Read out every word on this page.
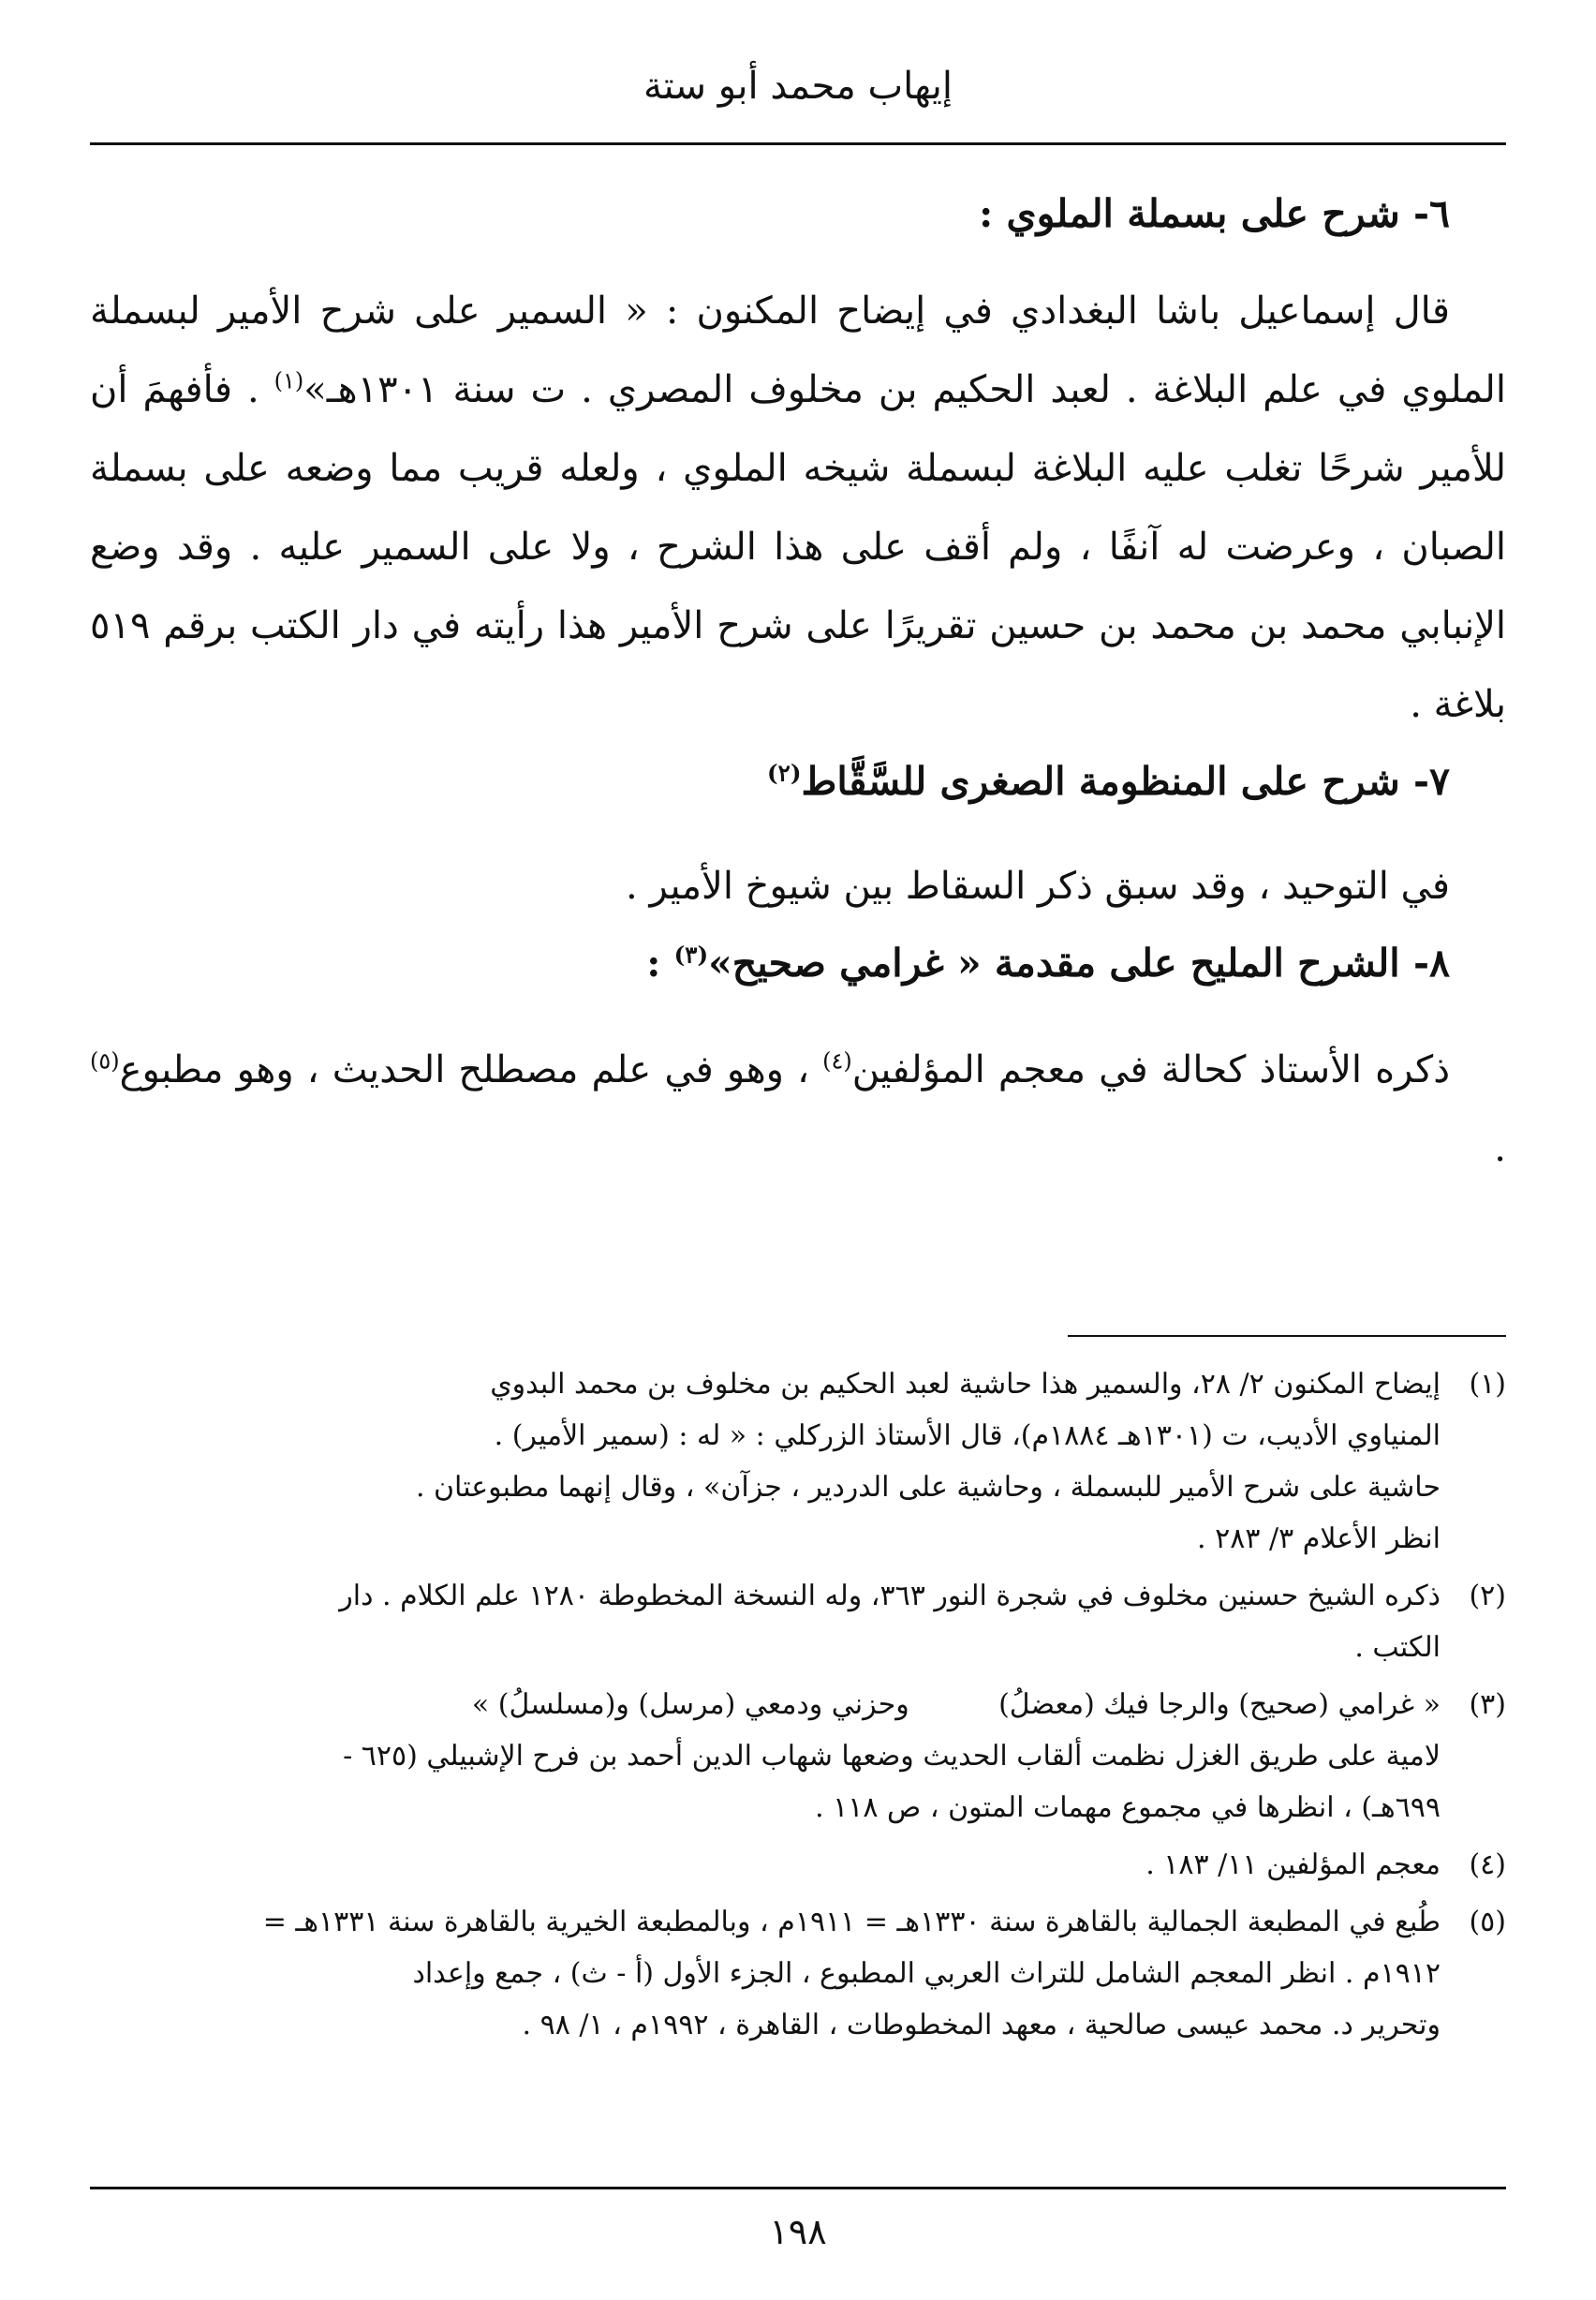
إيهاب محمد أبو ستة

٦- شرح على بسملة الملوي :

قال إسماعيل باشا البغدادي في إيضاح المكنون : « السمير على شرح الأمير لبسملة الملوي في علم البلاغة . لعبد الحكيم بن مخلوف المصري . ت سنة ١٣٠١هـ»$^{(١)}$ . فأفهمَ أن للأمير شرحًا تغلب عليه البلاغة لبسملة شيخه الملوي ، ولعله قريب مما وضعه على بسملة الصبان ، وعرضت له آنفًا ، ولم أقف على هذا الشرح ، ولا على السمير عليه . وقد وضع الإنبابي محمد بن محمد بن حسين تقريرًا على شرح الأمير هذا رأيته في دار الكتب برقم ٥١٩ بلاغة .

٧- شرح على المنظومة الصغرى للسَّقَّاط$^{(٢)}$

في التوحيد ، وقد سبق ذكر السقاط بين شيوخ الأمير .

٨- الشرح المليح على مقدمة « غرامي صحيح»$^{(٣)}$ :

ذكره الأستاذ كحالة في معجم المؤلفين$^{(٤)}$ ، وهو في علم مصطلح الحديث ، وهو مطبوع$^{(٥)}$ .

(١)
إيضاح المكنون ٢/ ٢٨، والسمير هذا حاشية لعبد الحكيم بن مخلوف بن محمد البدوي
المنياوي الأديب، ت (١٣٠١هـ ١٨٨٤م)، قال الأستاذ الزركلي : « له : (سمير الأمير) .
حاشية على شرح الأمير للبسملة ، وحاشية على الدردير ، جزآن» ، وقال إنهما مطبوعتان .
انظر الأعلام ٣/ ٢٨٣ .
(٢)
ذكره الشيخ حسنين مخلوف في شجرة النور ٣٦٣، وله النسخة المخطوطة ١٢٨٠ علم الكلام . دار
الكتب .
(٣)
« غرامي (صحيح) والرجا فيك (معضلُ)          وحزني ودمعي (مرسل) و(مسلسلُ) »
لامية على طريق الغزل نظمت ألقاب الحديث وضعها شهاب الدين أحمد بن فرح الإشبيلي (٦٢٥ -
٦٩٩هـ) ، انظرها في مجموع مهمات المتون ، ص ١١٨ .
(٤)
معجم المؤلفين ١١/ ١٨٣ .
(٥)
طُبع في المطبعة الجمالية بالقاهرة سنة ١٣٣٠هـ = ١٩١١م ، وبالمطبعة الخيرية بالقاهرة سنة ١٣٣١هـ =
١٩١٢م . انظر المعجم الشامل للتراث العربي المطبوع ، الجزء الأول (أ - ث) ، جمع وإعداد
وتحرير د. محمد عيسى صالحية ، معهد المخطوطات ، القاهرة ، ١٩٩٢م ، ١/ ٩٨ .
١٩٨
